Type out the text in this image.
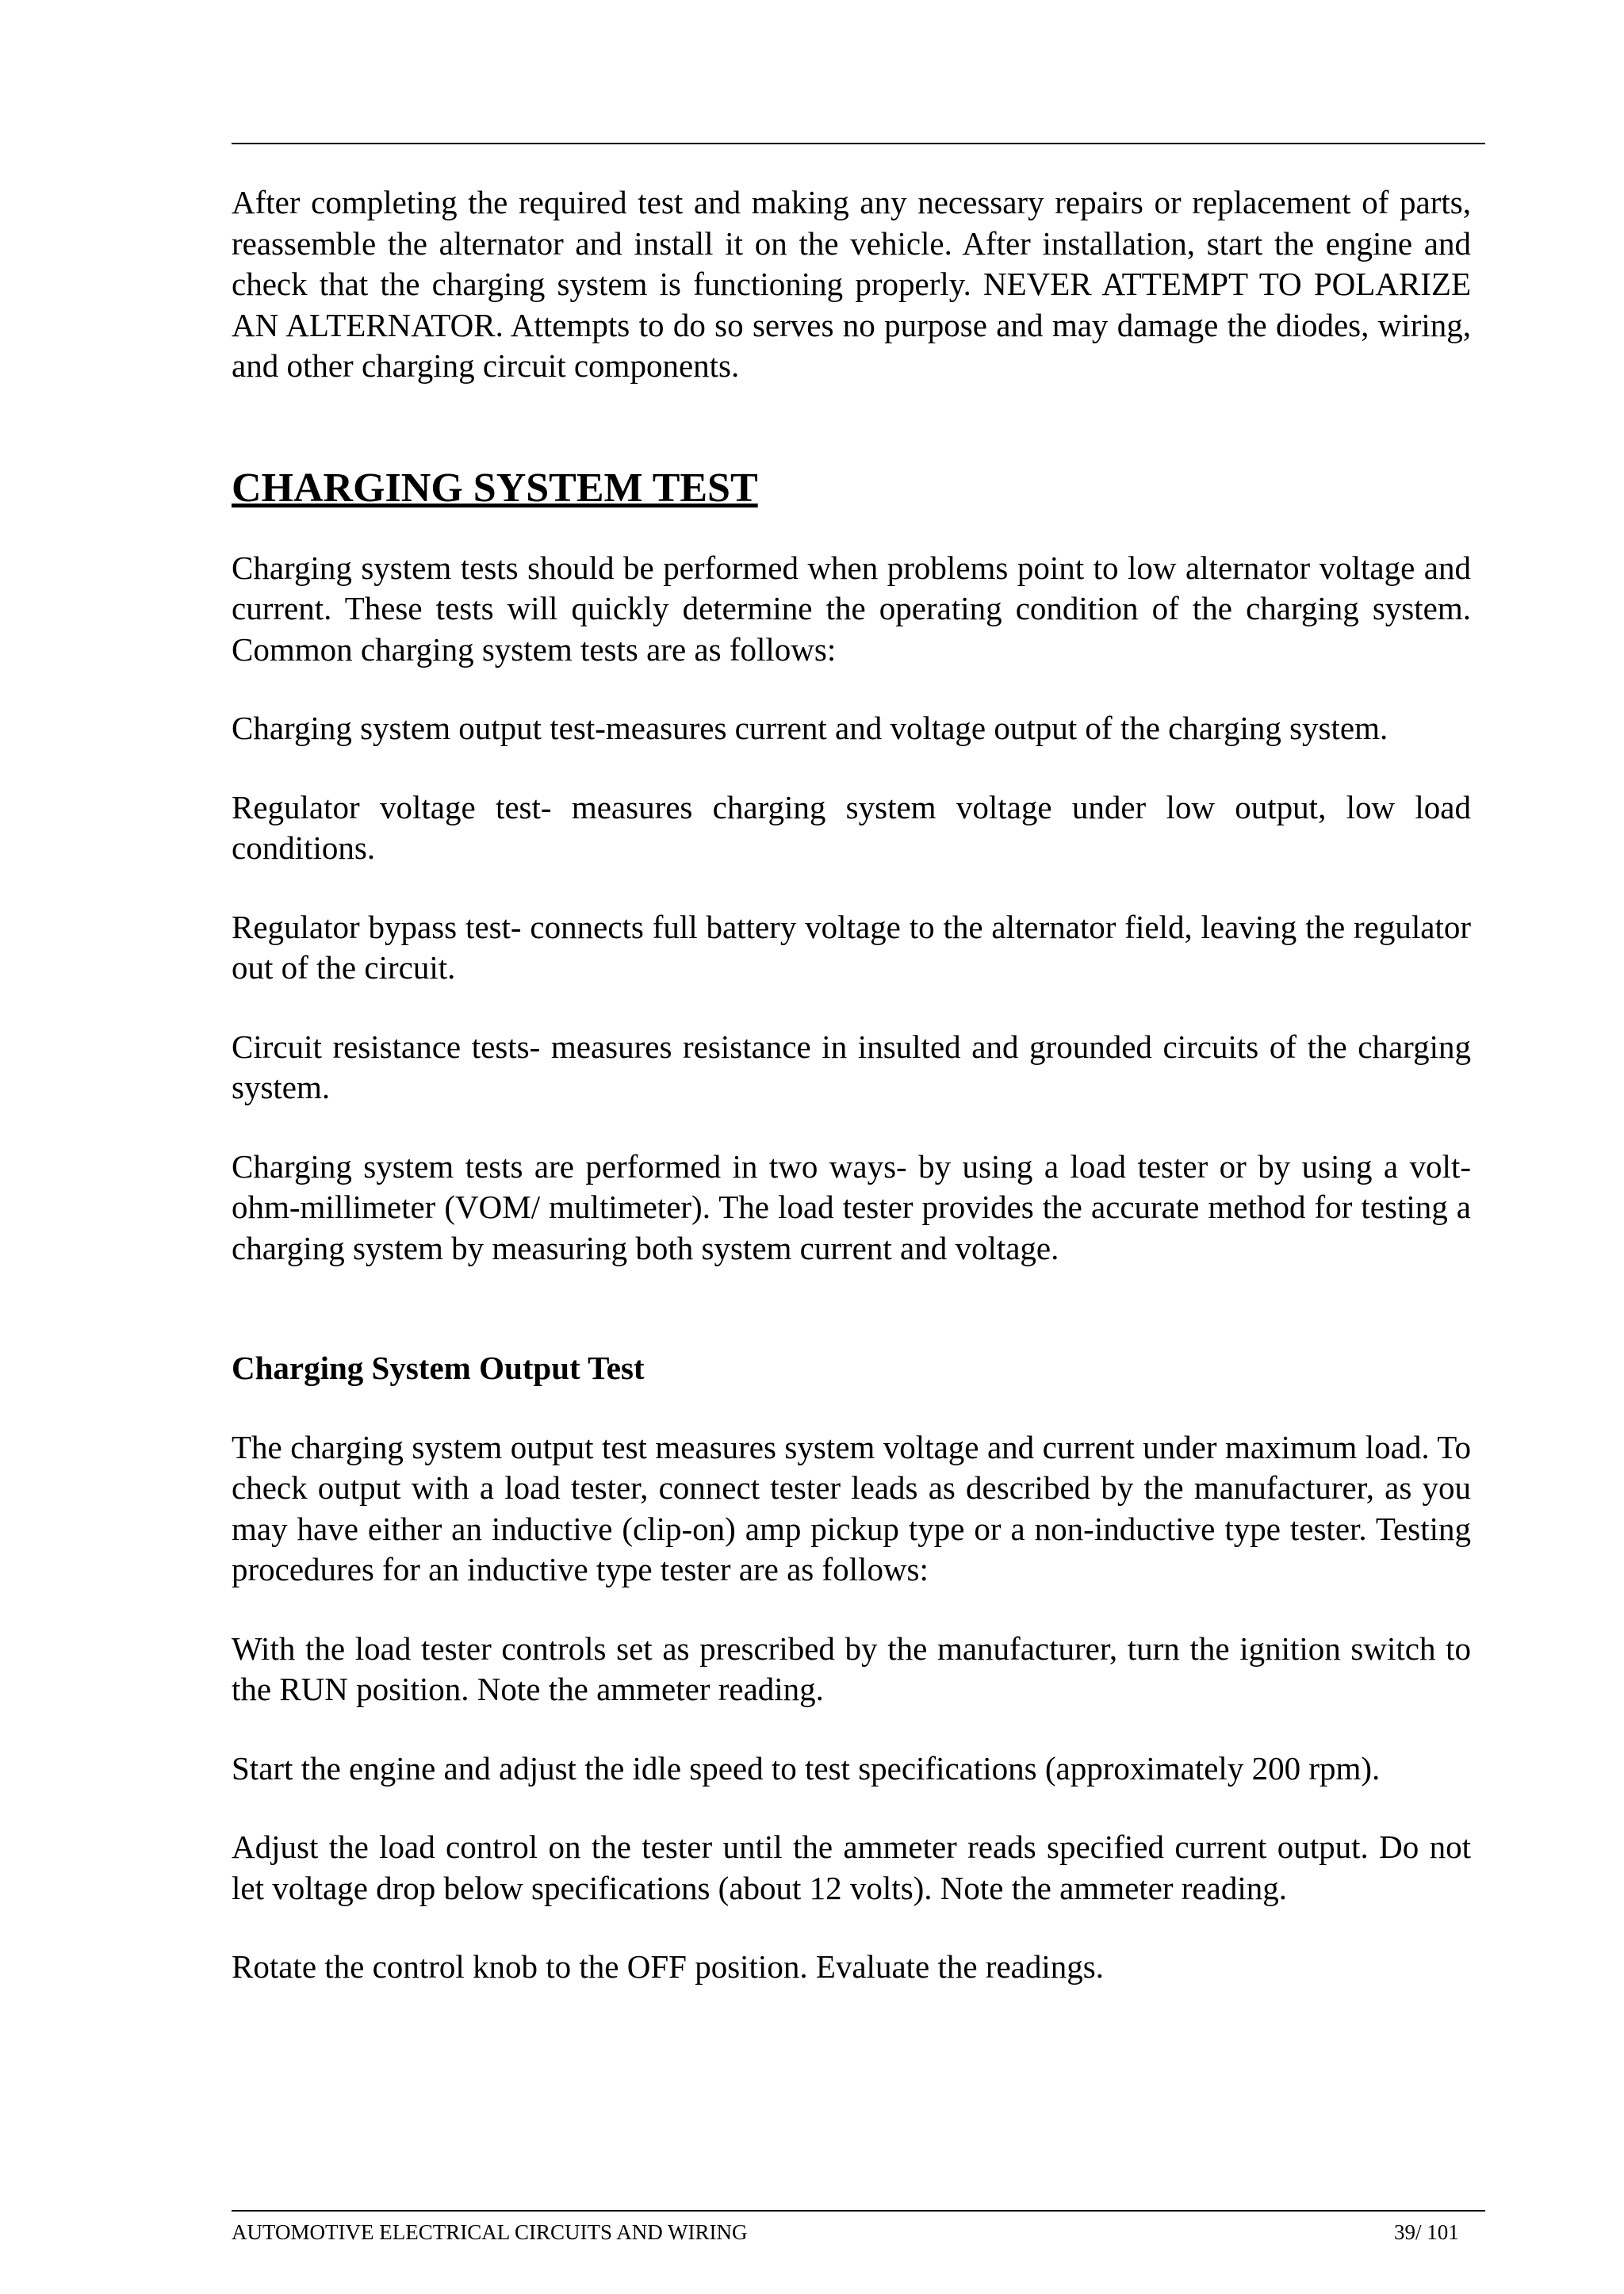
After completing the required test and making any necessary repairs or replacement of parts, reassemble the alternator and install it on the vehicle. After installation, start the engine and check that the charging system is functioning properly. NEVER ATTEMPT TO POLARIZE AN ALTERNATOR. Attempts to do so serves no purpose and may damage the diodes, wiring, and other charging circuit components.

CHARGING SYSTEM TEST

Charging system tests should be performed when problems point to low alternator voltage and current. These tests will quickly determine the operating condition of the charging system. Common charging system tests are as follows:

Charging system output test-measures current and voltage output of the charging system.

Regulator voltage test- measures charging system voltage under low output, low load conditions.

Regulator bypass test- connects full battery voltage to the alternator field, leaving the regulator out of the circuit.

Circuit resistance tests- measures resistance in insulted and grounded circuits of the charging system.

Charging system tests are performed in two ways- by using a load tester or by using a volt-ohm-millimeter (VOM/ multimeter). The load tester provides the accurate method for testing a charging system by measuring both system current and voltage.

Charging System Output Test

The charging system output test measures system voltage and current under maximum load. To check output with a load tester, connect tester leads as described by the manufacturer, as you may have either an inductive (clip-on) amp pickup type or a non-inductive type tester. Testing procedures for an inductive type tester are as follows:

With the load tester controls set as prescribed by the manufacturer, turn the ignition switch to the RUN position. Note the ammeter reading.

Start the engine and adjust the idle speed to test specifications (approximately 200 rpm).

Adjust the load control on the tester until the ammeter reads specified current output. Do not let voltage drop below specifications (about 12 volts). Note the ammeter reading.

Rotate the control knob to the OFF position. Evaluate the readings.

AUTOMOTIVE ELECTRICAL CIRCUITS AND WIRING	39/ 101
